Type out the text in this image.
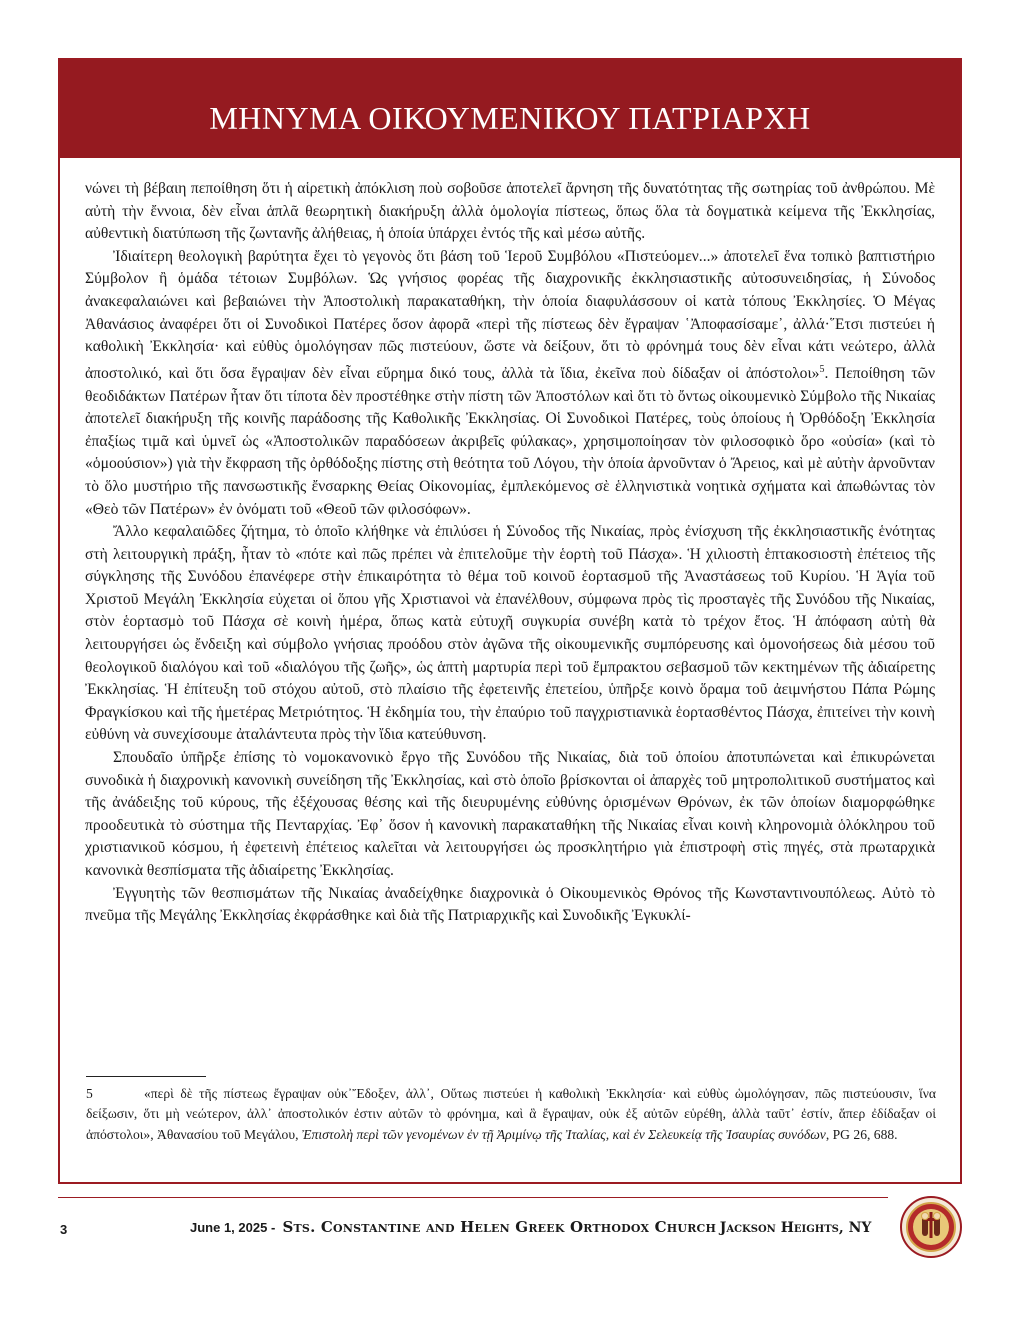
ΜΗΝΥΜΑ ΟΙΚΟΥΜΕΝΙΚΟΥ ΠΑΤΡΙΑΡΧΗ

νώνει τὴ βέβαιη πεποίθηση ὅτι ἡ αἱρετικὴ ἀπόκλιση ποὺ σοβοῦσε ἀποτελεῖ ἄρνηση τῆς δυνατότητας τῆς σωτηρίας τοῦ ἀνθρώπου. Μὲ αὐτὴ τὴν ἔννοια, δὲν εἶναι ἁπλᾶ θεωρητικὴ διακήρυξη ἀλλὰ ὁμολογία πίστεως, ὅπως ὅλα τὰ δογματικὰ κείμενα τῆς Ἐκκλησίας, αὐθεντικὴ διατύπωση τῆς ζωντανῆς ἀλήθειας, ἡ ὁποία ὑπάρχει ἐντός τῆς καὶ μέσω αὐτῆς.

Ἰδιαίτερη θεολογικὴ βαρύτητα ἔχει τὸ γεγονὸς ὅτι βάση τοῦ Ἱεροῦ Συμβόλου «Πιστεύομεν...» ἀποτελεῖ ἕνα τοπικὸ βαπτιστήριο Σύμβολον ἢ ὁμάδα τέτοιων Συμβόλων. Ὡς γνήσιος φορέας τῆς διαχρονικῆς ἐκκλησιαστικῆς αὐτοσυνειδησίας, ἡ Σύνοδος ἀνακεφαλαιώνει καὶ βεβαιώνει τὴν Ἀποστολικὴ παρακαταθήκη, τὴν ὁποία διαφυλάσσουν οἱ κατὰ τόπους Ἐκκλησίες. Ὁ Μέγας Ἀθανάσιος ἀναφέρει ὅτι οἱ Συνοδικοὶ Πατέρες ὅσον ἀφορᾶ «περὶ τῆς πίστεως δὲν ἔγραψαν ῾Ἀποφασίσαμε᾽, ἀλλά·῞Ετσι πιστεύει ἡ καθολικὴ Ἐκκλησία· καὶ εὐθὺς ὁμολόγησαν πῶς πιστεύουν, ὥστε νὰ δείξουν, ὅτι τὸ φρόνημά τους δὲν εἶναι κάτι νεώτερο, ἀλλὰ ἀποστολικό, καὶ ὅτι ὅσα ἔγραψαν δὲν εἶναι εὕρημα δικό τους, ἀλλὰ τὰ ἴδια, ἐκεῖνα ποὺ δίδαξαν οἱ ἀπόστολοι»$^5$. Πεποίθηση τῶν θεοδιδάκτων Πατέρων ἦταν ὅτι τίποτα δὲν προστέθηκε στὴν πίστη τῶν Ἀποστόλων καὶ ὅτι τὸ ὄντως οἰκουμενικὸ Σύμβολο τῆς Νικαίας ἀποτελεῖ διακήρυξη τῆς κοινῆς παράδοσης τῆς Καθολικῆς Ἐκκλησίας. Οἱ Συνοδικοὶ Πατέρες, τοὺς ὁποίους ἡ Ὀρθόδοξη Ἐκκλησία ἐπαξίως τιμᾶ καὶ ὑμνεῖ ὡς «Ἀποστολικῶν παραδόσεων ἀκριβεῖς φύλακας», χρησιμοποίησαν τὸν φιλοσοφικὸ ὅρο «οὐσία» (καὶ τὸ «ὁμοούσιον») γιὰ τὴν ἔκφραση τῆς ὀρθόδοξης πίστης στὴ θεότητα τοῦ Λόγου, τὴν ὁποία ἀρνοῦνταν ὁ Ἄρειος, καὶ μὲ αὐτὴν ἀρνοῦνταν τὸ ὅλο μυστήριο τῆς πανσωστικῆς ἔνσαρκης Θείας Οἰκονομίας, ἐμπλεκόμενος σὲ ἑλληνιστικὰ νοητικὰ σχήματα καὶ ἀπωθώντας τὸν «Θεὸ τῶν Πατέρων» ἐν ὀνόματι τοῦ «Θεοῦ τῶν φιλοσόφων».

Ἄλλο κεφαλαιῶδες ζήτημα, τὸ ὁποῖο κλήθηκε νὰ ἐπιλύσει ἡ Σύνοδος τῆς Νικαίας, πρὸς ἐνίσχυση τῆς ἐκκλησιαστικῆς ἑνότητας στὴ λειτουργικὴ πράξη, ἦταν τὸ «πότε καὶ πῶς πρέπει νὰ ἐπιτελοῦμε τὴν ἑορτὴ τοῦ Πάσχα». Ἡ χιλιοστὴ ἑπτακοσιοστὴ ἐπέτειος τῆς σύγκλησης τῆς Συνόδου ἐπανέφερε στὴν ἐπικαιρότητα τὸ θέμα τοῦ κοινοῦ ἑορτασμοῦ τῆς Ἀναστάσεως τοῦ Κυρίου. Ἡ Ἁγία τοῦ Χριστοῦ Μεγάλη Ἐκκλησία εὐχεται οἱ ὅπου γῆς Χριστιανοὶ νὰ ἐπανέλθουν, σύμφωνα πρὸς τὶς προσταγὲς τῆς Συνόδου τῆς Νικαίας, στὸν ἑορτασμὸ τοῦ Πάσχα σὲ κοινὴ ἡμέρα, ὅπως κατὰ εὐτυχῆ συγκυρία συνέβη κατὰ τὸ τρέχον ἔτος. Ἡ ἀπόφαση αὐτὴ θὰ λειτουργήσει ὡς ἔνδειξη καὶ σύμβολο γνήσιας προόδου στὸν ἀγῶνα τῆς οἰκουμενικῆς συμπόρευσης καὶ ὁμονοήσεως διὰ μέσου τοῦ θεολογικοῦ διαλόγου καὶ τοῦ «διαλόγου τῆς ζωῆς», ὡς ἁπτὴ μαρτυρία περὶ τοῦ ἔμπρακτου σεβασμοῦ τῶν κεκτημένων τῆς ἀδιαίρετης Ἐκκλησίας. Ἡ ἐπίτευξη τοῦ στόχου αὐτοῦ, στὸ πλαίσιο τῆς ἐφετεινῆς ἐπετείου, ὑπῆρξε κοινὸ ὅραμα τοῦ ἀειμνήστου Πάπα Ρώμης Φραγκίσκου καὶ τῆς ἡμετέρας Μετριότητος. Ἡ ἐκδημία του, τὴν ἐπαύριο τοῦ παγχριστιανικὰ ἑορτασθέντος Πάσχα, ἐπιτείνει τὴν κοινὴ εὐθύνη νὰ συνεχίσουμε ἀταλάντευτα πρὸς τὴν ἴδια κατεύθυνση.

Σπουδαῖο ὑπῆρξε ἐπίσης τὸ νομοκανονικὸ ἔργο τῆς Συνόδου τῆς Νικαίας, διὰ τοῦ ὁποίου ἀποτυπώνεται καὶ ἐπικυρώνεται συνοδικὰ ἡ διαχρονικὴ κανονικὴ συνείδηση τῆς Ἐκκλησίας, καὶ στὸ ὁποῖο βρίσκονται οἱ ἀπαρχὲς τοῦ μητροπολιτικοῦ συστήματος καὶ τῆς ἀνάδειξης τοῦ κύρους, τῆς ἐξέχουσας θέσης καὶ τῆς διευρυμένης εὐθύνης ὁρισμένων Θρόνων, ἐκ τῶν ὁποίων διαμορφώθηκε προοδευτικὰ τὸ σύστημα τῆς Πενταρχίας. Ἐφ᾽ ὅσον ἡ κανονικὴ παρακαταθήκη τῆς Νικαίας εἶναι κοινὴ κληρονομιὰ ὁλόκληρου τοῦ χριστιανικοῦ κόσμου, ἡ ἐφετεινὴ ἐπέτειος καλεῖται νὰ λειτουργήσει ὡς προσκλητήριο γιὰ ἐπιστροφὴ στὶς πηγές, στὰ πρωταρχικὰ κανονικὰ θεσπίσματα τῆς ἀδιαίρετης Ἐκκλησίας.

Ἐγγυητὴς τῶν θεσπισμάτων τῆς Νικαίας ἀναδείχθηκε διαχρονικὰ ὁ Οἰκουμενικὸς Θρόνος τῆς Κωνσταντινουπόλεως. Αὐτὸ τὸ πνεῦμα τῆς Μεγάλης Ἐκκλησίας ἐκφράσθηκε καὶ διὰ τῆς Πατριαρχικῆς καὶ Συνοδικῆς Ἐγκυκλί-

5	«περὶ δὲ τῆς πίστεως ἔγραψαν οὐκ᾽Ἔδοξεν, ἀλλ᾽, Οὕτως πιστεύει ἡ καθολικὴ Ἐκκλησία· καὶ εὐθὺς ὡμολόγησαν, πῶς πιστεύουσιν, ἵνα δείξωσιν, ὅτι μὴ νεώτερον, ἀλλ᾽ ἀποστολικόν ἐστιν αὐτῶν τὸ φρόνημα, καὶ ἃ ἔγραψαν, οὐκ ἐξ αὐτῶν εὑρέθη, ἀλλὰ ταῦτ᾽ ἐστίν, ἅπερ ἐδίδαξαν οἱ ἀπόστολοι», Ἀθανασίου τοῦ Μεγάλου, Ἐπιστολὴ περὶ τῶν γενομένων ἐν τῇ Ἀριμίνῳ τῆς Ἰταλίας, καὶ ἐν Σελευκείᾳ τῆς Ἰσαυρίας συνόδων, PG 26, 688.
3	June 1, 2025 -  Sts. Constantine and Helen Greek Orthodox Church Jackson Heights, NY
